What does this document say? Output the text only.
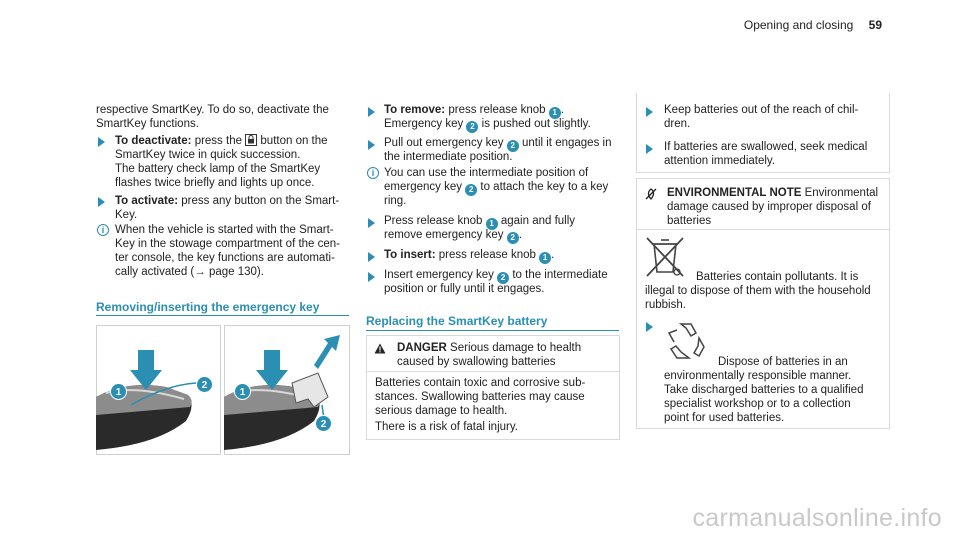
Opening and closing 59
respective SmartKey. To do so, deactivate the
SmartKey functions.
To deactivate: press the button on the
SmartKey twice in quick succession.
The battery check lamp of the SmartKey
flashes twice briefly and lights up once.
To activate: press any button on the Smart-
Key.
i When the vehicle is started with the Smart-
Key in the stowage compartment of the cen-
ter console, the key functions are automati-
cally activated (→ page 130).
Removing/inserting the emergency key
1
2
1
2
To remove: press release knob 1 .
Emergency key 2 is pushed out slightly.
Pull out emergency key 2 until it engages in
the intermediate position.
i You can use the intermediate position of
emergency key 2 to attach the key to a key
ring.
Press release knob 1 again and fully
remove emergency key 2 .
To insert: press release knob 1 .
Insert emergency key 2 to the intermediate
position or fully until it engages.
Replacing the SmartKey battery
DANGER Serious damage to health
caused by swallowing batteries
Batteries contain toxic and corrosive sub-
stances. Swallowing batteries may cause
serious damage to health.
There is a risk of fatal injury.
Keep batteries out of the reach of chil-
dren.
If batteries are swallowed, seek medical
attention immediately.
ENVIRONMENTAL NOTE Environmental
damage caused by improper disposal of
batteries
Batteries contain pollutants. It is
illegal to dispose of them with the household
rubbish.
Dispose of batteries in an
environmentally responsible manner.
Take discharged batteries to a qualified
specialist workshop or to a collection
point for used batteries.
carmanualsonline.info
